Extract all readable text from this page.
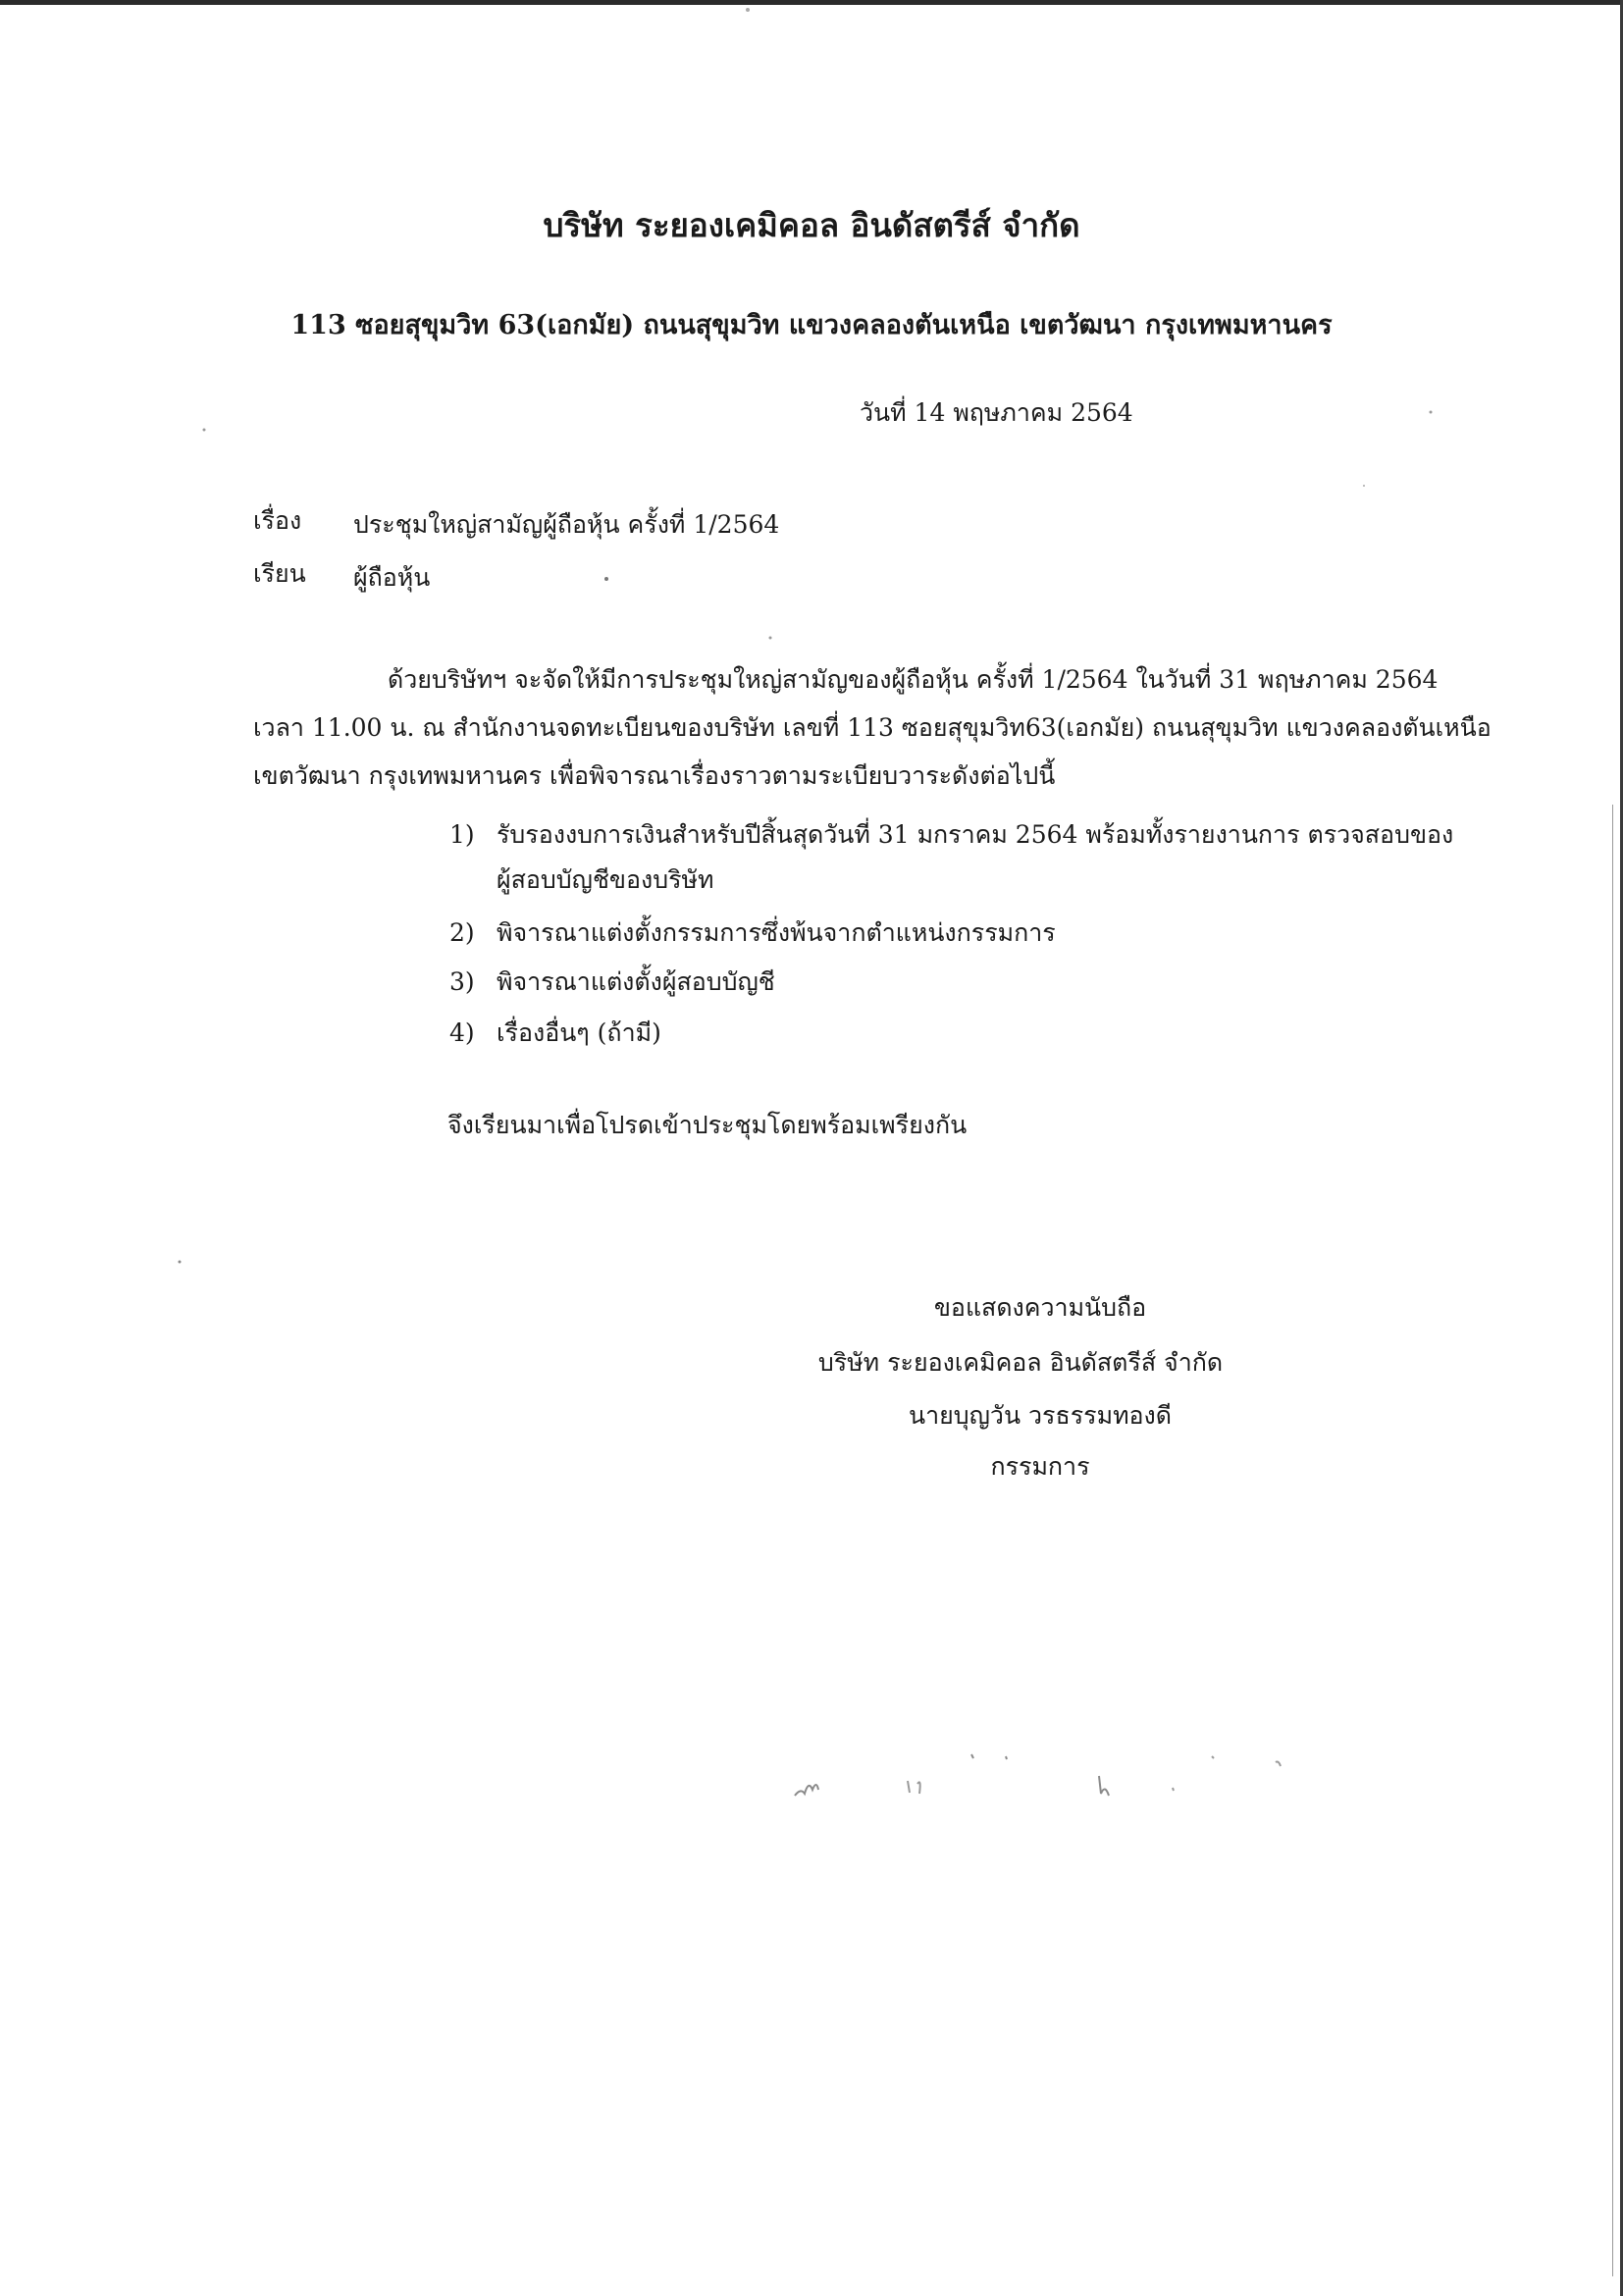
บริษัท ระยองเคมิคอล อินดัสตรีส์ จำกัด
113 ซอยสุขุมวิท 63(เอกมัย) ถนนสุขุมวิท แขวงคลองตันเหนือ เขตวัฒนา กรุงเทพมหานคร
วันที่ 14 พฤษภาคม 2564
เรื่อง ประชุมใหญ่สามัญผู้ถือหุ้น ครั้งที่ 1/2564
เรียน ผู้ถือหุ้น
ด้วยบริษัทฯ จะจัดให้มีการประชุมใหญ่สามัญของผู้ถือหุ้น ครั้งที่ 1/2564 ในวันที่ 31 พฤษภาคม 2564
เวลา 11.00 น. ณ สำนักงานจดทะเบียนของบริษัท เลขที่ 113 ซอยสุขุมวิท63(เอกมัย) ถนนสุขุมวิท แขวงคลองตันเหนือ
เขตวัฒนา กรุงเทพมหานคร เพื่อพิจารณาเรื่องราวตามระเบียบวาระดังต่อไปนี้
1) รับรองงบการเงินสำหรับปีสิ้นสุดวันที่ 31 มกราคม 2564 พร้อมทั้งรายงานการ ตรวจสอบของ
ผู้สอบบัญชีของบริษัท
2) พิจารณาแต่งตั้งกรรมการซึ่งพ้นจากตำแหน่งกรรมการ
3) พิจารณาแต่งตั้งผู้สอบบัญชี
4) เรื่องอื่นๆ (ถ้ามี)
จึงเรียนมาเพื่อโปรดเข้าประชุมโดยพร้อมเพรียงกัน
ขอแสดงความนับถือ
บริษัท ระยองเคมิคอล อินดัสตรีส์ จำกัด
นายบุญวัน วรธรรมทองดี
กรรมการ
